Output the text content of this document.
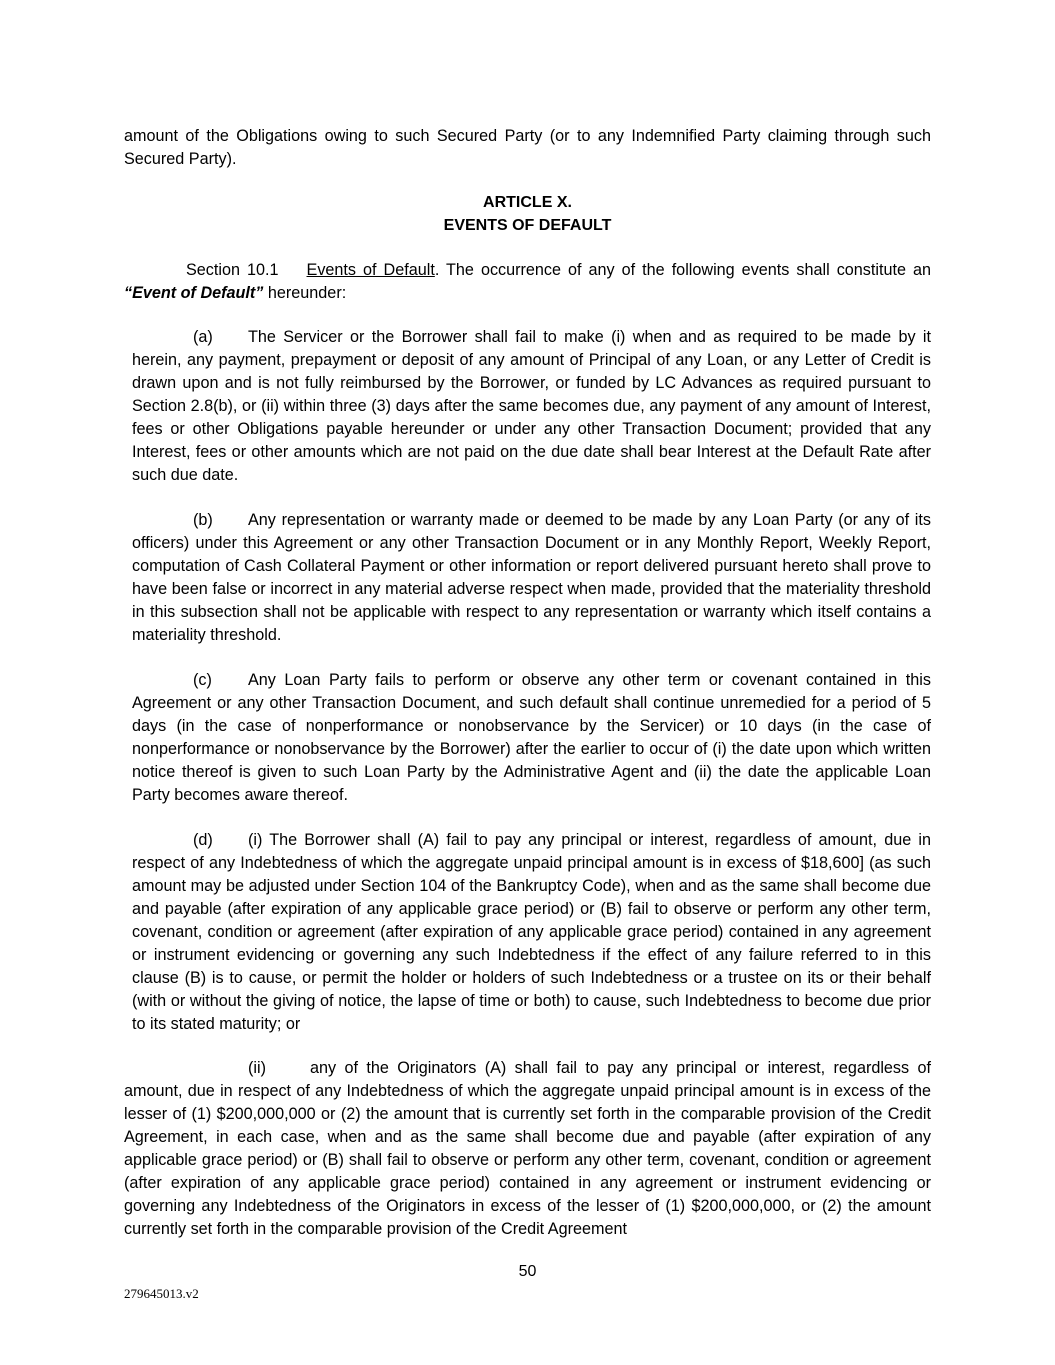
amount of the Obligations owing to such Secured Party (or to any Indemnified Party claiming through such Secured Party).

ARTICLE X.
EVENTS OF DEFAULT

Section 10.1 Events of Default. The occurrence of any of the following events shall constitute an “Event of Default” hereunder:

(a) The Servicer or the Borrower shall fail to make (i) when and as required to be made by it herein, any payment, prepayment or deposit of any amount of Principal of any Loan, or any Letter of Credit is drawn upon and is not fully reimbursed by the Borrower, or funded by LC Advances as required pursuant to Section 2.8(b), or (ii) within three (3) days after the same becomes due, any payment of any amount of Interest, fees or other Obligations payable hereunder or under any other Transaction Document; provided that any Interest, fees or other amounts which are not paid on the due date shall bear Interest at the Default Rate after such due date.

(b) Any representation or warranty made or deemed to be made by any Loan Party (or any of its officers) under this Agreement or any other Transaction Document or in any Monthly Report, Weekly Report, computation of Cash Collateral Payment or other information or report delivered pursuant hereto shall prove to have been false or incorrect in any material adverse respect when made, provided that the materiality threshold in this subsection shall not be applicable with respect to any representation or warranty which itself contains a materiality threshold.

(c) Any Loan Party fails to perform or observe any other term or covenant contained in this Agreement or any other Transaction Document, and such default shall continue unremedied for a period of 5 days (in the case of nonperformance or nonobservance by the Servicer) or 10 days (in the case of nonperformance or nonobservance by the Borrower) after the earlier to occur of (i) the date upon which written notice thereof is given to such Loan Party by the Administrative Agent and (ii) the date the applicable Loan Party becomes aware thereof.

(d) (i) The Borrower shall (A) fail to pay any principal or interest, regardless of amount, due in respect of any Indebtedness of which the aggregate unpaid principal amount is in excess of $18,600] (as such amount may be adjusted under Section 104 of the Bankruptcy Code), when and as the same shall become due and payable (after expiration of any applicable grace period) or (B) fail to observe or perform any other term, covenant, condition or agreement (after expiration of any applicable grace period) contained in any agreement or instrument evidencing or governing any such Indebtedness if the effect of any failure referred to in this clause (B) is to cause, or permit the holder or holders of such Indebtedness or a trustee on its or their behalf (with or without the giving of notice, the lapse of time or both) to cause, such Indebtedness to become due prior to its stated maturity; or

(ii)	any of the Originators (A) shall fail to pay any principal or interest, regardless of amount, due in respect of any Indebtedness of which the aggregate unpaid principal amount is in excess of the lesser of (1) $200,000,000 or (2) the amount that is currently set forth in the comparable provision of the Credit Agreement, in each case, when and as the same shall become due and payable (after expiration of any applicable grace period) or (B) shall fail to observe or perform any other term, covenant, condition or agreement (after expiration of any applicable grace period) contained in any agreement or instrument evidencing or governing any Indebtedness of the Originators in excess of the lesser of (1) $200,000,000, or (2) the amount currently set forth in the comparable provision of the Credit Agreement

50
279645013.v2
